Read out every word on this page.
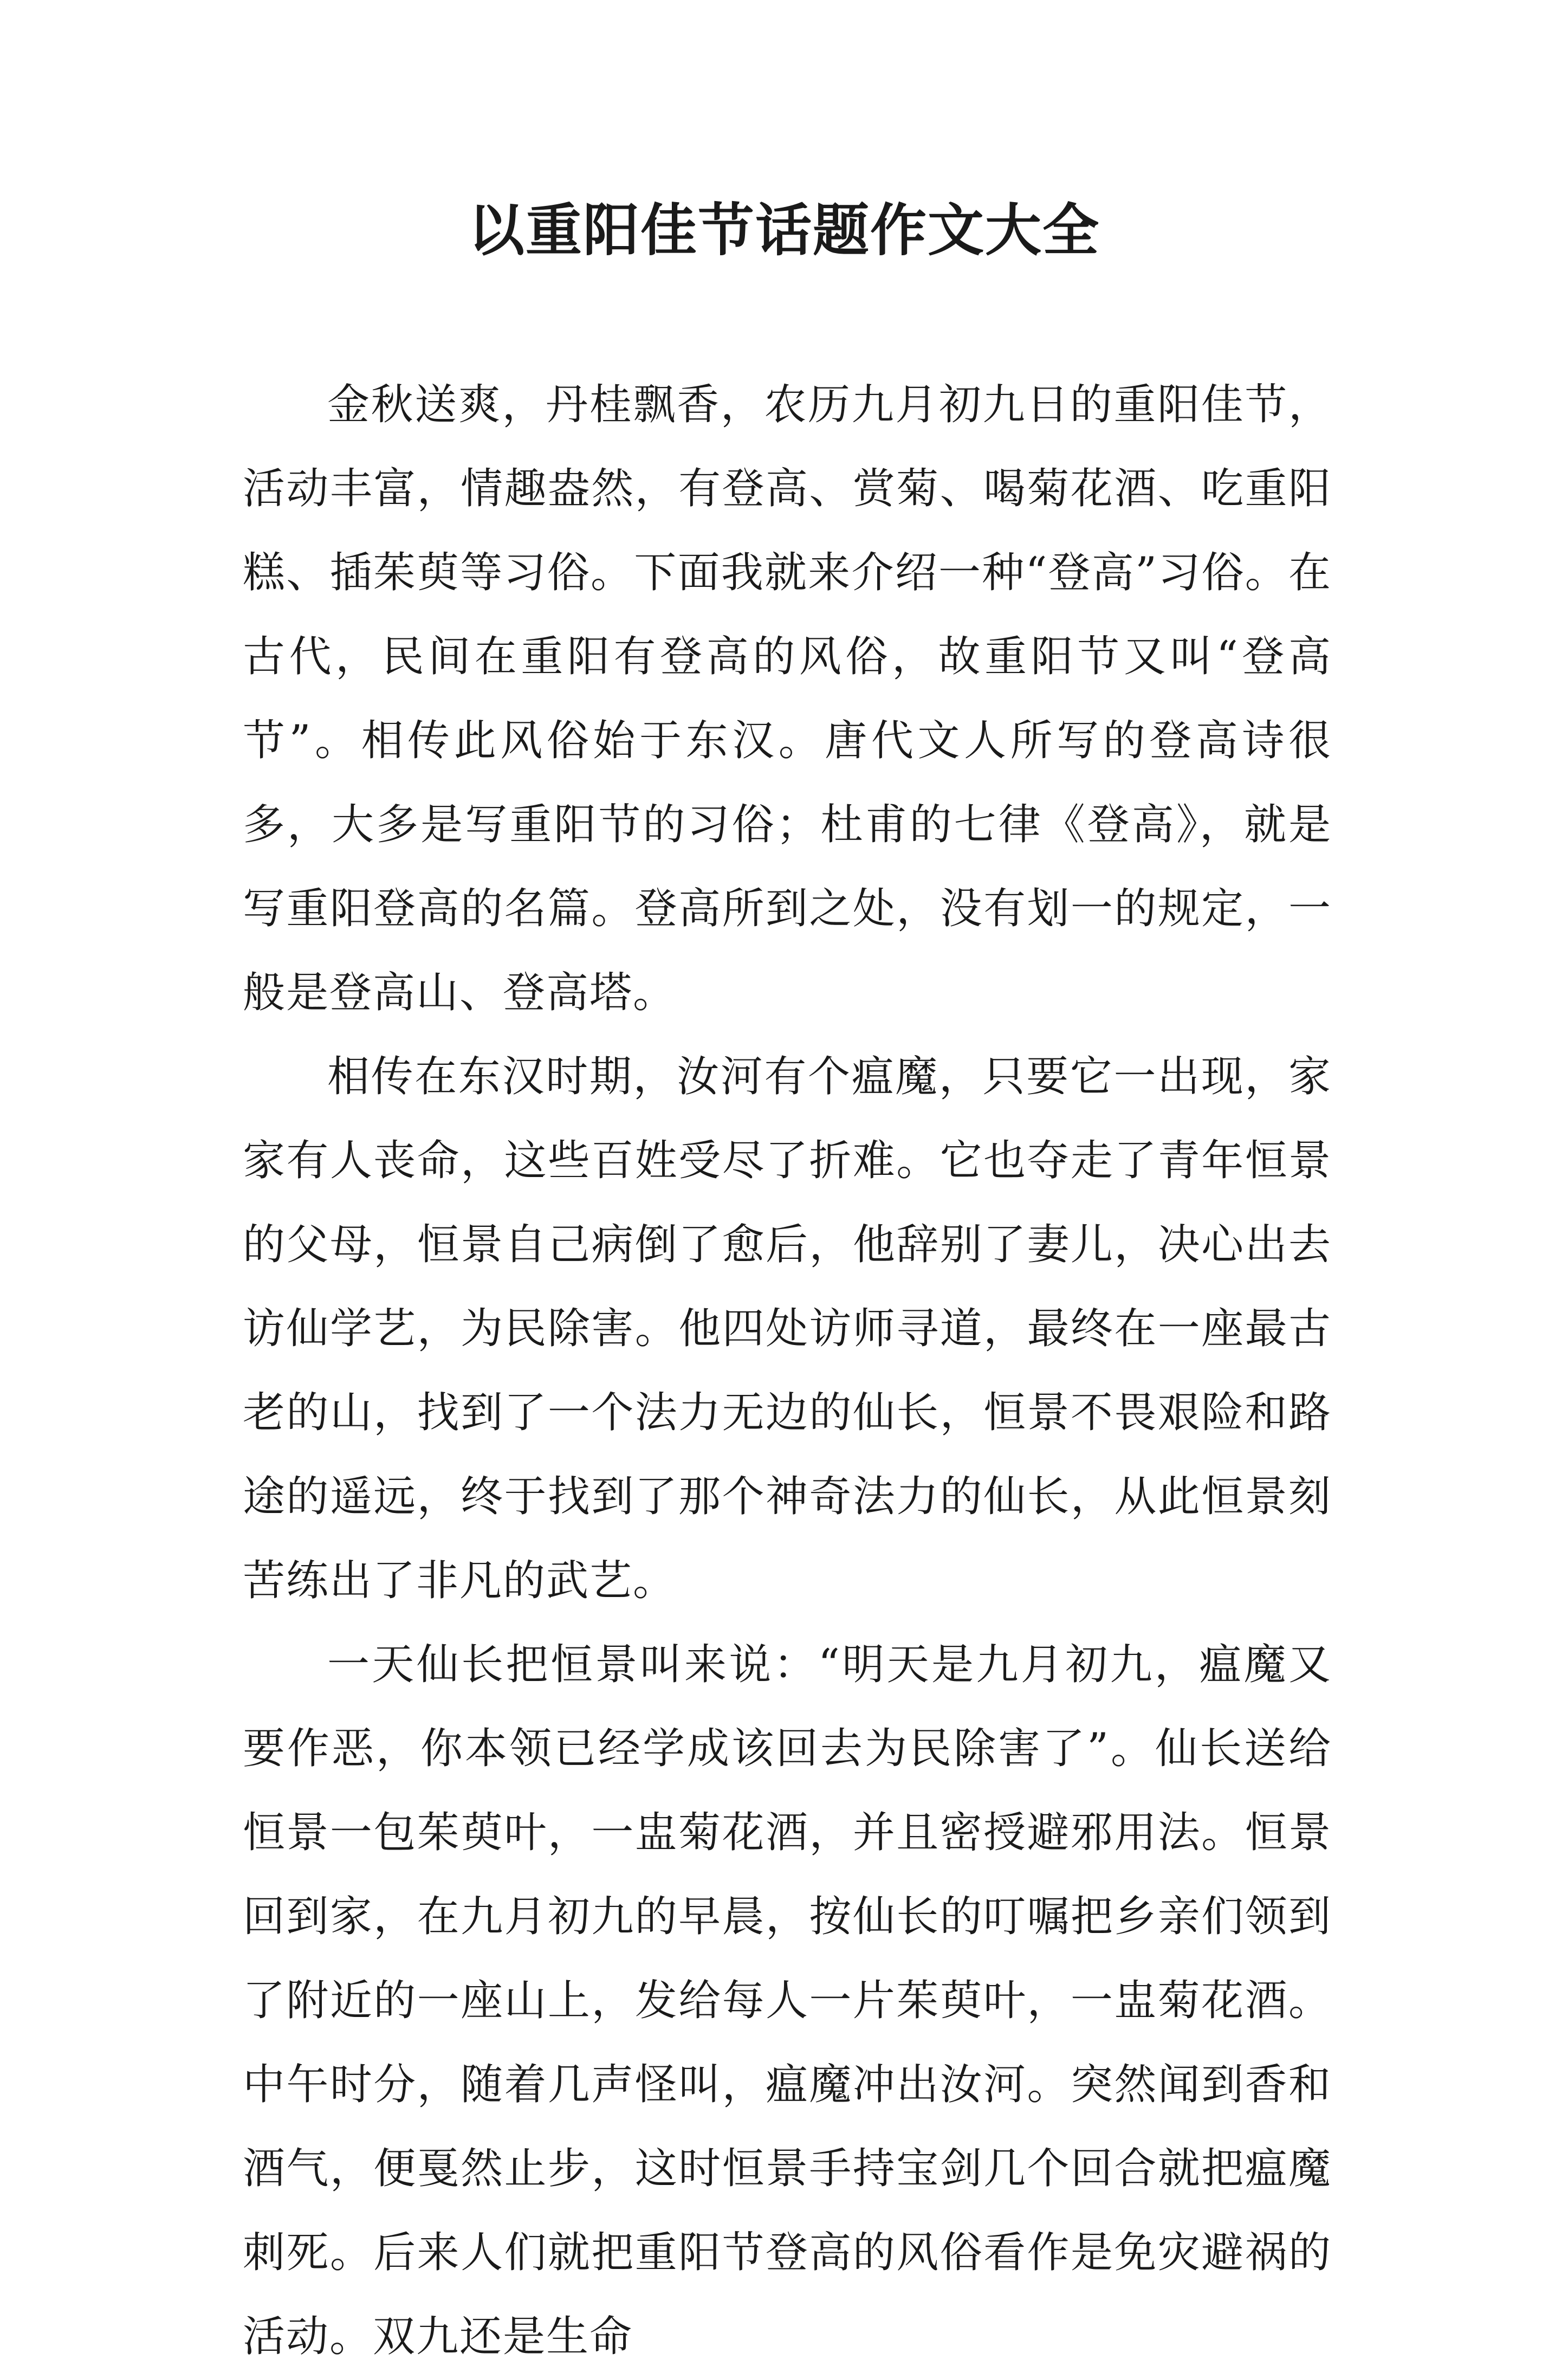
以重阳佳节话题作文大全

金秋送爽，丹桂飘香，农历九月初九日的重阳佳节，活动丰富，情趣盎然，有登高、赏菊、喝菊花酒、吃重阳糕、插茱萸等习俗。下面我就来介绍一种“登高”习俗。在古代，民间在重阳有登高的风俗，故重阳节又叫“登高节”。相传此风俗始于东汉。唐代文人所写的登高诗很多，大多是写重阳节的习俗；杜甫的七律《登高》，就是写重阳登高的名篇。登高所到之处，没有划一的规定，一般是登高山、登高塔。

相传在东汉时期，汝河有个瘟魔，只要它一出现，家家有人丧命，这些百姓受尽了折难。它也夺走了青年恒景的父母，恒景自己病倒了愈后，他辞别了妻儿，决心出去访仙学艺，为民除害。他四处访师寻道，最终在一座最古老的山，找到了一个法力无边的仙长，恒景不畏艰险和路途的遥远，终于找到了那个神奇法力的仙长，从此恒景刻苦练出了非凡的武艺。

一天仙长把恒景叫来说：“明天是九月初九，瘟魔又要作恶，你本领已经学成该回去为民除害了”。仙长送给恒景一包茱萸叶，一盅菊花酒，并且密授避邪用法。恒景回到家，在九月初九的早晨，按仙长的叮嘱把乡亲们领到了附近的一座山上，发给每人一片茱萸叶，一盅菊花酒。中午时分，随着几声怪叫，瘟魔冲出汝河。突然闻到香和酒气，便戛然止步，这时恒景手持宝剑几个回合就把瘟魔刺死。后来人们就把重阳节登高的风俗看作是免灾避祸的活动。双九还是生命
